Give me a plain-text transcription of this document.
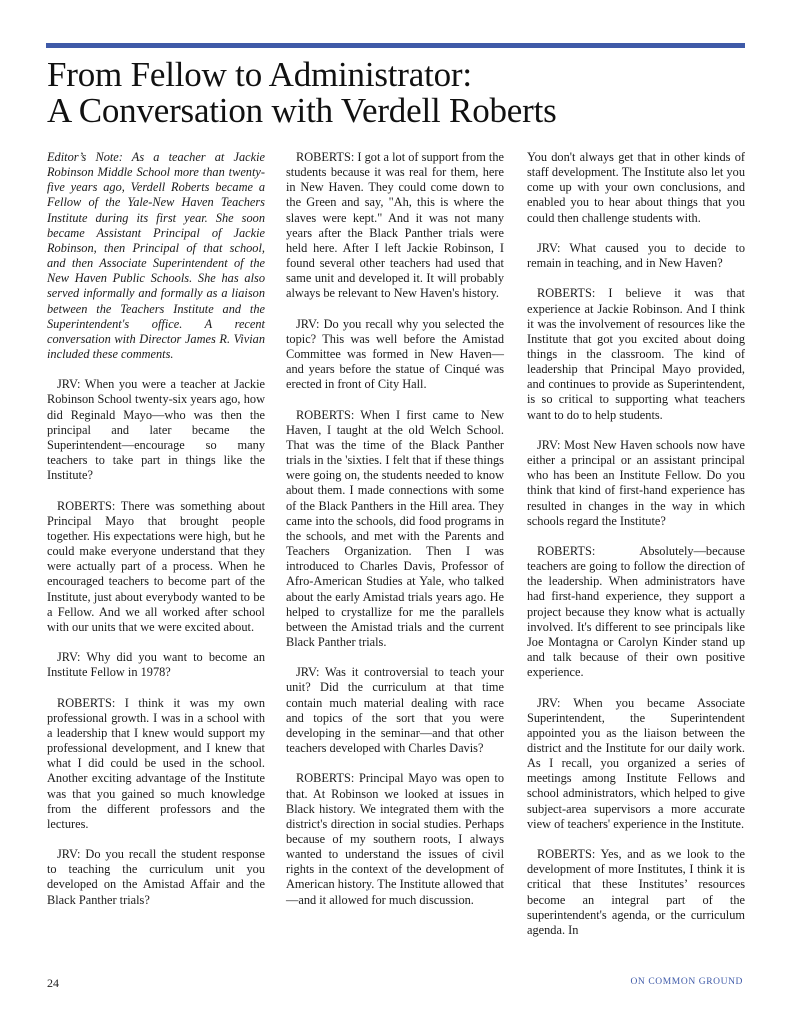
From Fellow to Administrator:
A Conversation with Verdell Roberts

Editor’s Note: As a teacher at Jackie Robinson Middle School more than twenty-five years ago, Verdell Roberts became a Fellow of the Yale-New Haven Teachers Institute during its first year. She soon became Assistant Principal of Jackie Robinson, then Principal of that school, and then Associate Superintendent of the New Haven Public Schools. She has also served informally and formally as a liaison between the Teachers Institute and the Superintendent's office. A recent conversation with Director James R. Vivian included these comments.

JRV: When you were a teacher at Jackie Robinson School twenty-six years ago, how did Reginald Mayo—who was then the principal and later became the Superintendent—encourage so many teachers to take part in things like the Institute?

ROBERTS: There was something about Principal Mayo that brought people together. His expectations were high, but he could make everyone understand that they were actually part of a process. When he encouraged teachers to become part of the Institute, just about everybody wanted to be a Fellow. And we all worked after school with our units that we were excited about.

JRV: Why did you want to become an Institute Fellow in 1978?

ROBERTS: I think it was my own professional growth. I was in a school with a leadership that I knew would support my professional development, and I knew that what I did could be used in the school. Another exciting advantage of the Institute was that you gained so much knowledge from the different professors and the lectures.

JRV: Do you recall the student response to teaching the curriculum unit you developed on the Amistad Affair and the Black Panther trials?

ROBERTS: I got a lot of support from the students because it was real for them, here in New Haven. They could come down to the Green and say, "Ah, this is where the slaves were kept." And it was not many years after the Black Panther trials were held here. After I left Jackie Robinson, I found several other teachers had used that same unit and developed it. It will probably always be relevant to New Haven's history.

JRV: Do you recall why you selected the topic? This was well before the Amistad Committee was formed in New Haven—and years before the statue of Cinqué was erected in front of City Hall.

ROBERTS: When I first came to New Haven, I taught at the old Welch School. That was the time of the Black Panther trials in the 'sixties. I felt that if these things were going on, the students needed to know about them. I made connections with some of the Black Panthers in the Hill area. They came into the schools, did food programs in the schools, and met with the Parents and Teachers Organization. Then I was introduced to Charles Davis, Professor of Afro-American Studies at Yale, who talked about the early Amistad trials years ago. He helped to crystallize for me the parallels between the Amistad trials and the current Black Panther trials.

JRV: Was it controversial to teach your unit? Did the curriculum at that time contain much material dealing with race and topics of the sort that you were developing in the seminar—and that other teachers developed with Charles Davis?

ROBERTS: Principal Mayo was open to that. At Robinson we looked at issues in Black history. We integrated them with the district's direction in social studies. Perhaps because of my southern roots, I always wanted to understand the issues of civil rights in the context of the development of American history. The Institute allowed that—and it allowed for much discussion.

You don't always get that in other kinds of staff development. The Institute also let you come up with your own conclusions, and enabled you to hear about things that you could then challenge students with.

JRV: What caused you to decide to remain in teaching, and in New Haven?

ROBERTS: I believe it was that experience at Jackie Robinson. And I think it was the involvement of resources like the Institute that got you excited about doing things in the classroom. The kind of leadership that Principal Mayo provided, and continues to provide as Superintendent, is so critical to supporting what teachers want to do to help students.

JRV: Most New Haven schools now have either a principal or an assistant principal who has been an Institute Fellow. Do you think that kind of first-hand experience has resulted in changes in the way in which schools regard the Institute?

ROBERTS: Absolutely—because teachers are going to follow the direction of the leadership. When administrators have had first-hand experience, they support a project because they know what is actually involved. It's different to see principals like Joe Montagna or Carolyn Kinder stand up and talk because of their own positive experience.

JRV: When you became Associate Superintendent, the Superintendent appointed you as the liaison between the district and the Institute for our daily work. As I recall, you organized a series of meetings among Institute Fellows and school administrators, which helped to give subject-area supervisors a more accurate view of teachers' experience in the Institute.

ROBERTS: Yes, and as we look to the development of more Institutes, I think it is critical that these Institutes’ resources become an integral part of the superintendent's agenda, or the curriculum agenda. In

24	ON COMMON GROUND
